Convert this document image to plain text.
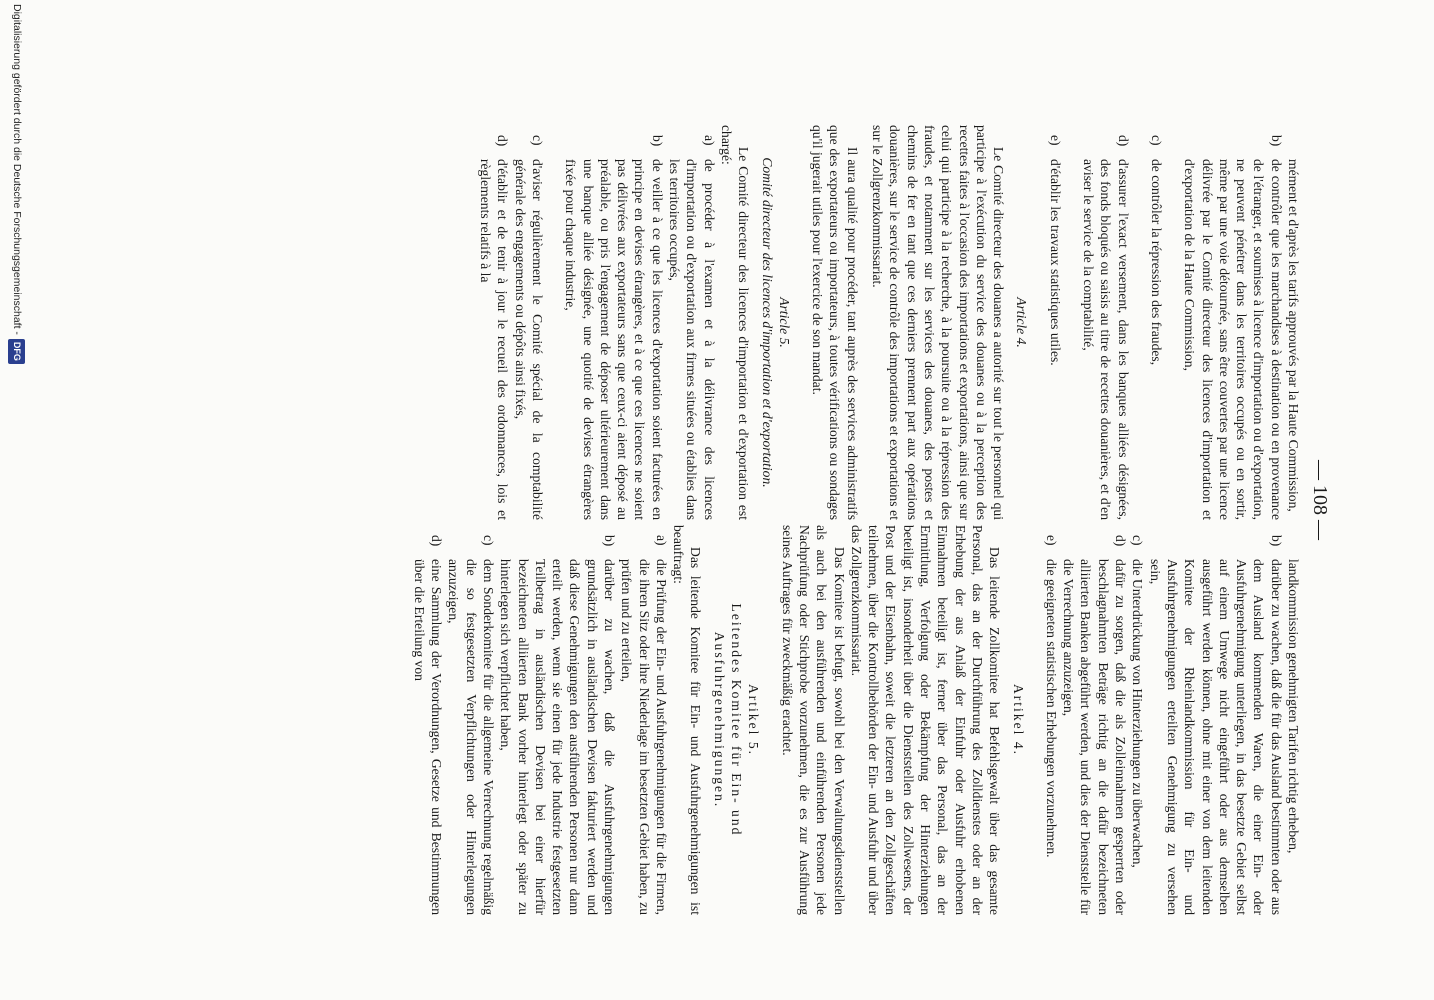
— 108 —

mément et d'après les tarifs approuvés par la Haute Commission,

b)
de contrôler que les marchandises à destination ou en provenance de l'étranger, et soumises à licence d'importation ou d'exportation, ne peuvent pénétrer dans les territoires occupés ou en sortir, même par une voie détournée, sans être couvertes par une licence délivrée par le Comité directeur des licences d'importation et d'exportation de la Haute Commission,
c)
de contrôler la répression des fraudes,
d)
d'assurer l'exact versement, dans les banques alliées désignées, des fonds bloqués ou saisis au titre de recettes douanières, et d'en aviser le service de la comptabilité,
e)
d'établir les travaux statistiques utiles.

Article 4.

Le Comité directeur des douanes a autorité sur tout le personnel qui participe à l'exécution du service des douanes ou à la perception des recettes faites à l'occasion des importations et exportations, ainsi que sur celui qui participe à la recherche, à la poursuite ou à la répression des fraudes, et notamment sur les services des douanes, des postes et chemins de fer en tant que ces derniers prennent part aux opérations douanières, sur le service de contrôle des importations et exportations et sur le Zollgrenzkommissariat.

Il aura qualité pour procéder, tant auprès des services administratifs que des exportateurs ou importateurs, à toutes vérifications ou sondages qu'il jugerait utiles pour l'exercice de son mandat.

Article 5.

Comité directeur des licences d'importation et d'exportation.

Le Comité directeur des licences d'importation et d'exportation est chargé:

a)
de procéder à l'examen et à la délivrance des licences d'importation ou d'exportation aux firmes situées ou établies dans les territoires occupés,
b)
de veiller à ce que les licences d'exportation soient facturées en principe en devises étrangères, et à ce que ces licences ne soient pas délivrées aux exportateurs sans que ceux-ci aient déposé au préalable, ou pris l'engagement de déposer ultérieurement dans une banque alliée désignée, une quotité de devises étrangères fixée pour chaque industrie,
c)
d'aviser régulièrement le Comité spécial de la comptabilité générale des engagements ou dépôts ainsi fixés,
d)
d'établir et de tenir à jour le recueil des ordonnances, lois et règlements relatifs à la

landkommission genehmigten Tarifen richtig erheben,

b)
darüber zu wachen, daß die für das Ausland bestimmten oder aus dem Ausland kommenden Waren, die einer Ein- oder Ausfuhrgenehmigung unterliegen, in das besetzte Gebiet selbst auf einem Umwege nicht eingeführt oder aus demselben ausgeführt werden können, ohne mit einer von dem leitenden Komitee der Rheinlandkommission für Ein- und Ausfuhrgenehmigungen erteilten Genehmigung zu versehen sein,
c)
die Unterdrückung von Hinterziehungen zu überwachen,
d)
dafür zu sorgen, daß die als Zolleinnahmen gesperrten oder beschlagnahmten Beträge richtig an die dafür bezeichneten alliierten Banken abgeführt werden, und dies der Dienststelle für die Verrechnung anzuzeigen,
e)
die geeigneten statistischen Erhebungen vorzunehmen.

Artikel 4.

Das leitende Zollkomitee hat Befehlsgewalt über das gesamte Personal, das an der Durchführung des Zolldienstes oder an der Erhebung der aus Anlaß der Einfuhr oder Ausfuhr erhobenen Einnahmen beteiligt ist, ferner über das Personal, das an der Ermittlung, Verfolgung oder Bekämpfung der Hinterziehungen beteiligt ist, insonderheit über die Dienststellen des Zollwesens, der Post und der Eisenbahn, soweit die letzteren an den Zollgeschäften teilnehmen, über die Kontrollbehörden der Ein- und Ausfuhr und über das Zollgrenzkommissariat.

Das Komitee ist befugt, sowohl bei den Verwaltungsdienststellen als auch bei den ausführenden und einführenden Personen jede Nachprüfung oder Stichprobe vorzunehmen, die es zur Ausführung seines Auftrages für zweckmäßig erachtet.

Artikel 5.

Leitendes Komitee für Ein- und Ausfuhrgenehmigungen.

Das leitende Komitee für Ein- und Ausfuhrgenehmigungen ist beauftragt:

a)
die Prüfung der Ein- und Ausfuhrgenehmigungen für die Firmen, die ihren Sitz oder ihre Niederlage im besetzten Gebiet haben, zu prüfen und zu erteilen,
b)
darüber zu wachen, daß die Ausfuhrgenehmigungen grundsätzlich in ausländischen Devisen fakturiert werden und daß diese Genehmigungen den ausführenden Personen nur dann erteilt werden, wenn sie einen für jede Industrie festgesetzten Teilbetrag in ausländischen Devisen bei einer hierfür bezeichneten alliierten Bank vorher hinterlegt oder später zu hinterlegen sich verpflichtet haben,
c)
dem Sonderkomitee für die allgemeine Verrechnung regelmäßig die so festgesetzten Verpflichtungen oder Hinterlegungen anzuzeigen,
d)
eine Sammlung der Verordnungen, Gesetze und Bestimmungen über die Erteilung von
Digitalisierung gefördert durch die Deutsche Forschungsgemeinschaft -
DFG
